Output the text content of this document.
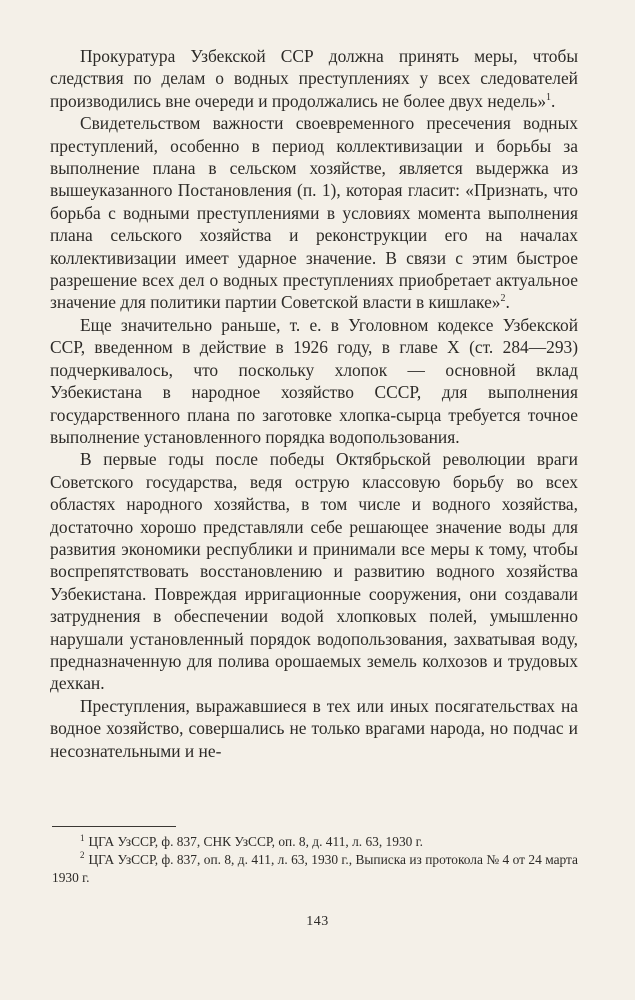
Прокуратура Узбекской ССР должна принять меры, чтобы следствия по делам о водных преступлениях у всех следователей производились вне очереди и продолжались не более двух недель»$^1$.

Свидетельством важности своевременного пресечения водных преступлений, особенно в период коллективизации и борьбы за выполнение плана в сельском хозяйстве, является выдержка из вышеуказанного Постановления (п. 1), которая гласит: «Признать, что борьба с водными преступлениями в условиях момента выполнения плана сельского хозяйства и реконструкции его на началах коллективизации имеет ударное значение. В связи с этим быстрое разрешение всех дел о водных преступлениях приобретает актуальное значение для политики партии Советской власти в кишлаке»$^2$.

Еще значительно раньше, т. е. в Уголовном кодексе Узбекской ССР, введенном в действие в 1926 году, в главе X (ст. 284—293) подчеркивалось, что поскольку хлопок — основной вклад Узбекистана в народное хозяйство СССР, для выполнения государственного плана по заготовке хлопка-сырца требуется точное выполнение установленного порядка водопользования.

В первые годы после победы Октябрьской революции враги Советского государства, ведя острую классовую борьбу во всех областях народного хозяйства, в том числе и водного хозяйства, достаточно хорошо представляли себе решающее значение воды для развития экономики республики и принимали все меры к тому, чтобы воспрепятствовать восстановлению и развитию водного хозяйства Узбекистана. Повреждая ирригационные сооружения, они создавали затруднения в обеспечении водой хлопковых полей, умышленно нарушали установленный порядок водопользования, захватывая воду, предназначенную для полива орошаемых земель колхозов и трудовых дехкан.

Преступления, выражавшиеся в тех или иных посягательствах на водное хозяйство, совершались не только врагами народа, но подчас и несознательными и не-

$^1$ ЦГА УзССР, ф. 837, СНК УзССР, оп. 8, д. 411, л. 63, 1930 г.

$^2$ ЦГА УзССР, ф. 837, оп. 8, д. 411, л. 63, 1930 г., Выписка из протокола № 4 от 24 марта 1930 г.

143
